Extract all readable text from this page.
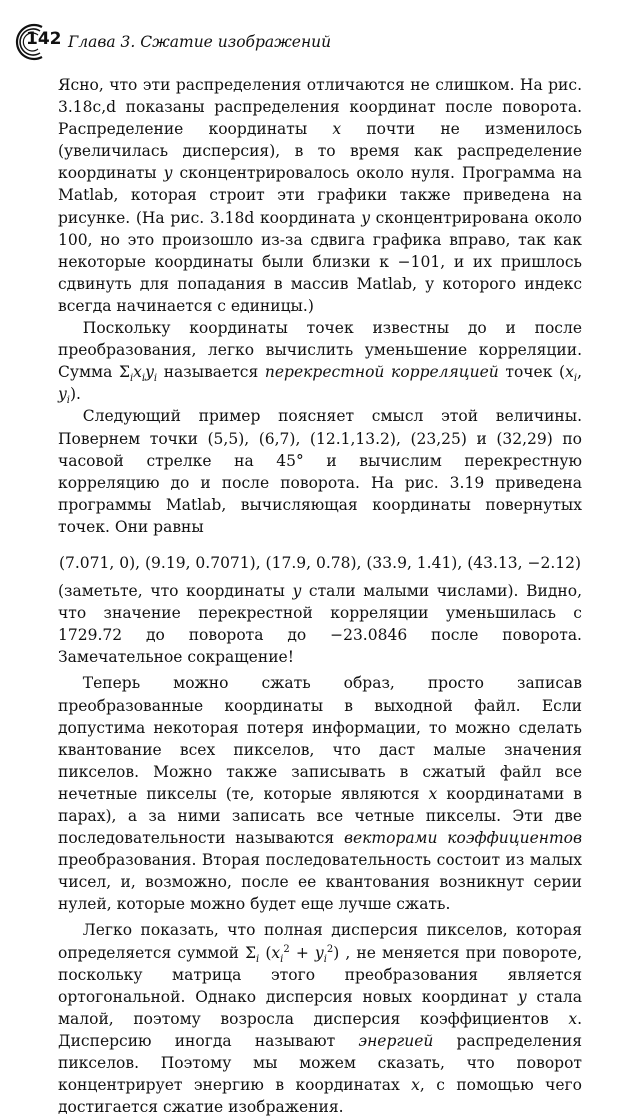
142 Глава 3. Сжатие изображений

Ясно, что эти распределения отличаются не слишком. На рис. 3.18c,d показаны распределения координат после поворота. Распределение координаты x почти не изменилось (увеличилась дисперсия), в то время как распределение координаты y сконцентрировалось около нуля. Программа на Matlab, которая строит эти графики также приведена на рисунке. (На рис. 3.18d координата y сконцентрирована около 100, но это произошло из-за сдвига графика вправо, так как некоторые координаты были близки к −101, и их пришлось сдвинуть для попадания в массив Matlab, у которого индекс всегда начинается с единицы.)

Поскольку координаты точек известны до и после преобразования, легко вычислить уменьшение корреляции. Сумма $\Sigma_ix_iy_i$ называется перекрестной корреляцией точек ($x_i$, $y_i$).

Следующий пример поясняет смысл этой величины. Повернем точки (5,5), (6,7), (12.1,13.2), (23,25) и (32,29) по часовой стрелке на 45° и вычислим перекрестную корреляцию до и после поворота. На рис. 3.19 приведена программы Matlab, вычисляющая координаты повернутых точек. Они равны

(7.071, 0), (9.19, 0.7071), (17.9, 0.78), (33.9, 1.41), (43.13, −2.12)

(заметьте, что координаты y стали малыми числами). Видно, что значение перекрестной корреляции уменьшилась с 1729.72 до поворота до −23.0846 после поворота. Замечательное сокращение!

Теперь можно сжать образ, просто записав преобразованные координаты в выходной файл. Если допустима некоторая потеря информации, то можно сделать квантование всех пикселов, что даст малые значения пикселов. Можно также записывать в сжатый файл все нечетные пикселы (те, которые являются x координатами в парах), а за ними записать все четные пикселы. Эти две последовательности называются векторами коэффициентов преобразования. Вторая последовательность состоит из малых чисел, и, возможно, после ее квантования возникнут серии нулей, которые можно будет еще лучше сжать.

Легко показать, что полная дисперсия пикселов, которая определяется суммой $\Sigma_i$ $(x_i^2 + y_i^2)$ , не меняется при повороте, поскольку матрица этого преобразования является ортогональной. Однако дисперсия новых координат y стала малой, поэтому возросла дисперсия коэффициентов x. Дисперсию иногда называют энергией распределения пикселов. Поэтому мы можем сказать, что поворот концентрирует энергию в координатах x, с помощью чего достигается сжатие изображения.
